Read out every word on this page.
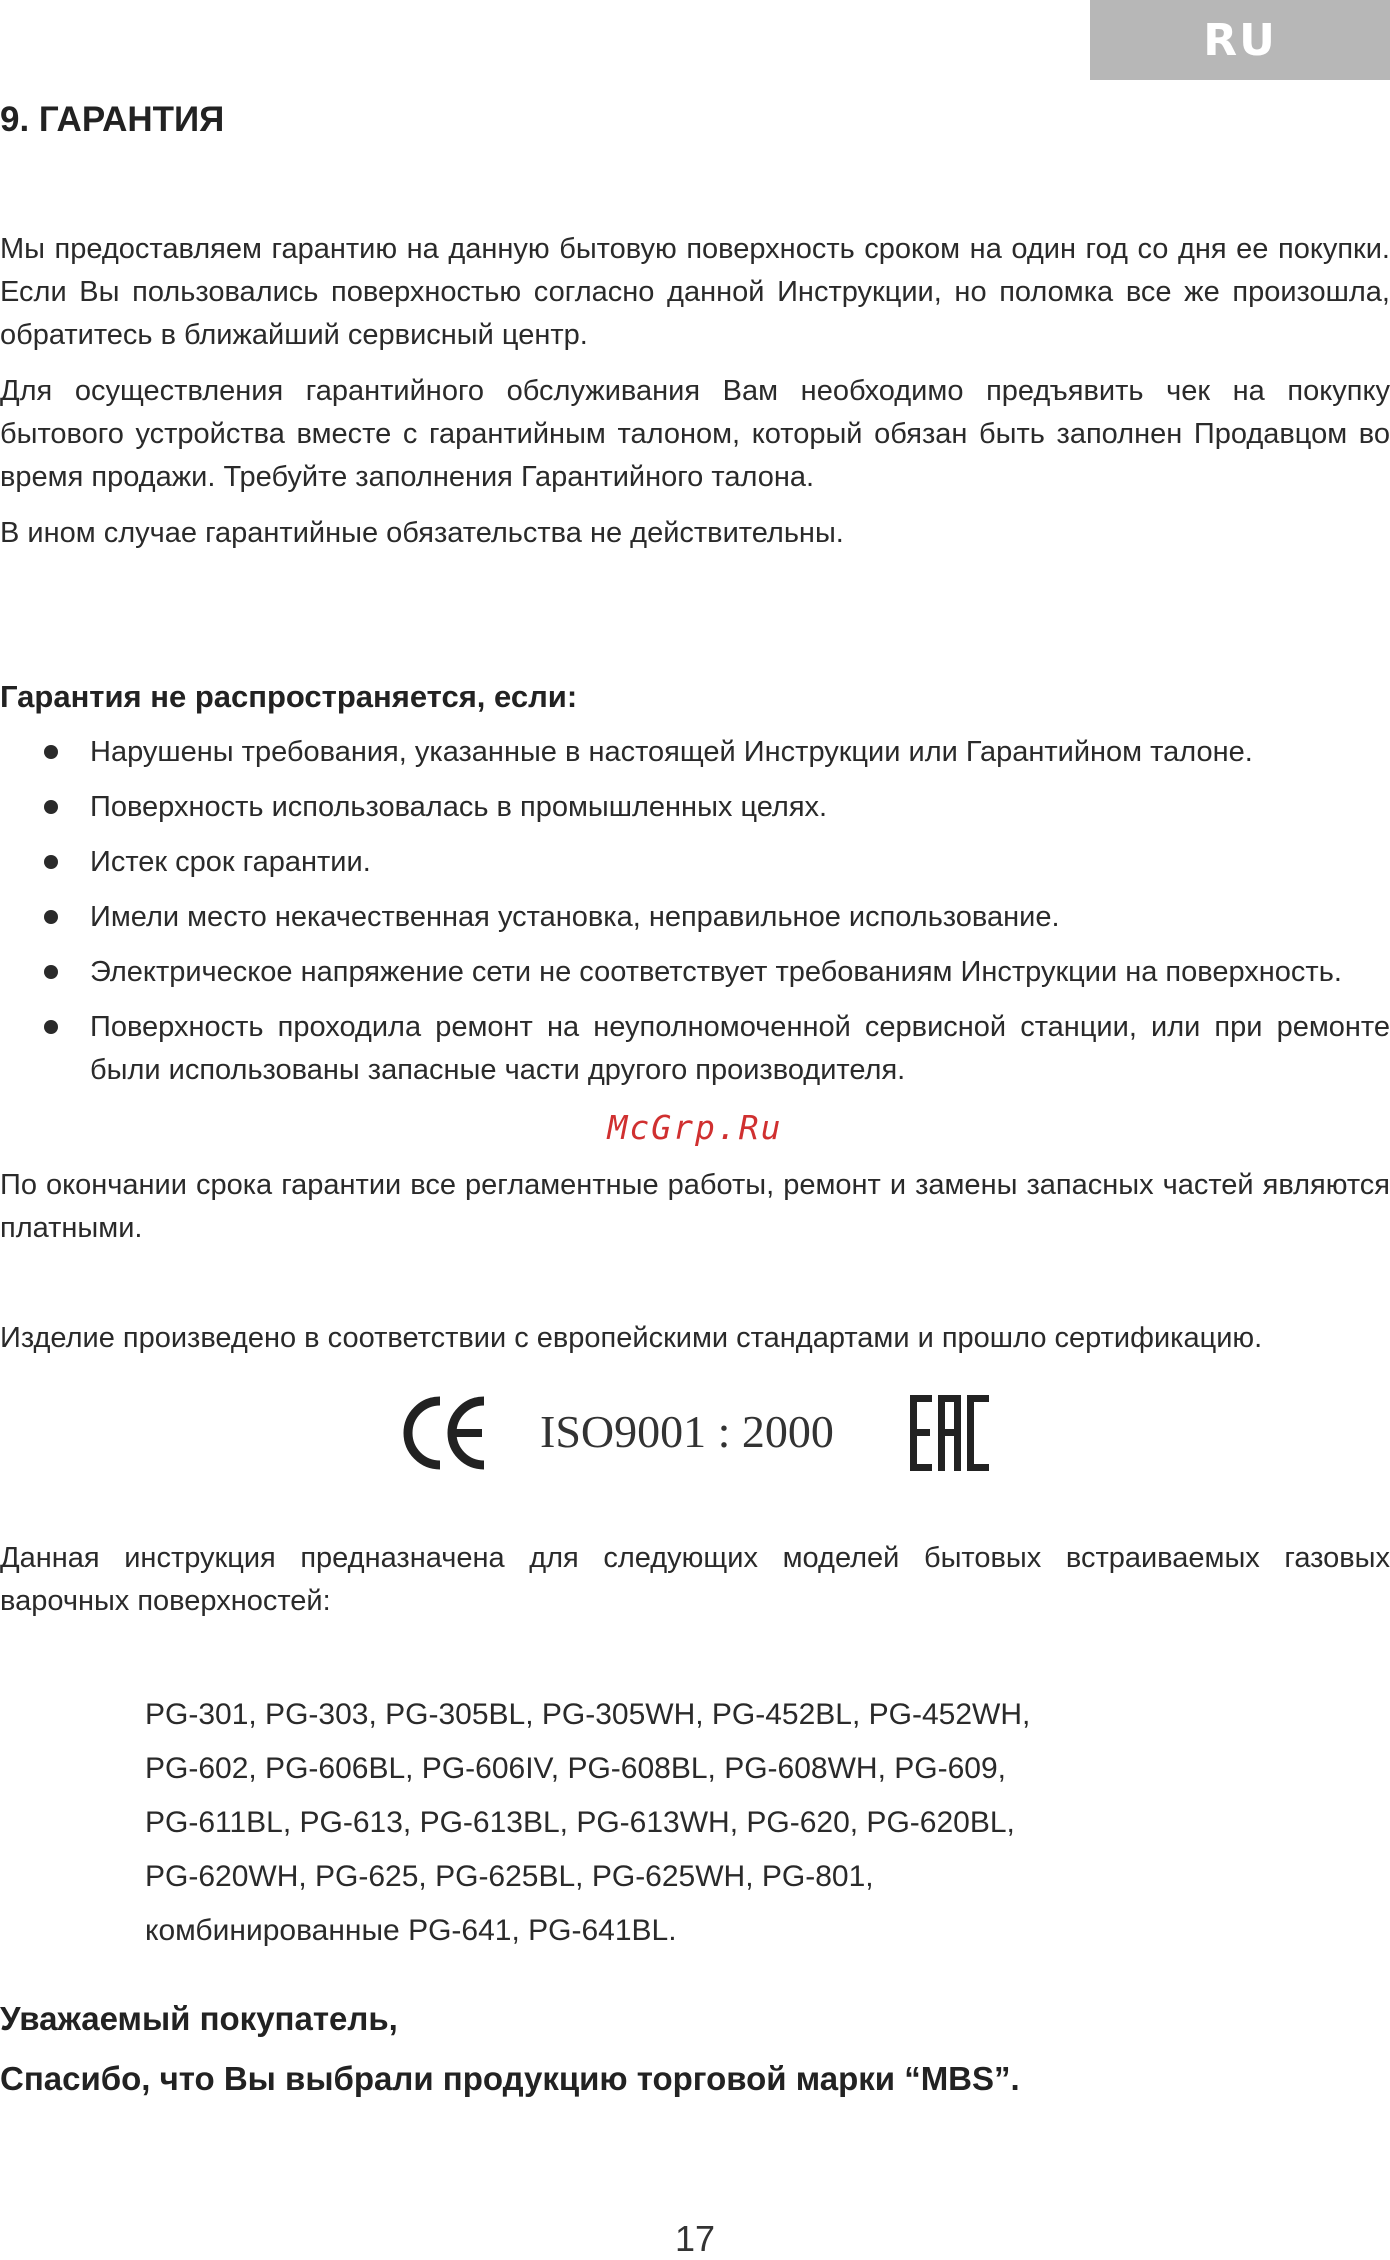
RU
9. ГАРАНТИЯ
Мы предоставляем гарантию на данную бытовую поверхность сроком на один год со дня ее покупки. Если Вы пользовались поверхностью согласно данной Инструкции, но поломка все же произошла, обратитесь в ближайший сервисный центр.
Для осуществления гарантийного обслуживания Вам необходимо предъявить чек на покупку бытового устройства вместе с гарантийным талоном, который обязан быть заполнен Продавцом во время продажи. Требуйте заполнения Гарантийного талона.
В ином случае гарантийные обязательства не действительны.
Гарантия не распространяется, если:
Нарушены требования, указанные в настоящей Инструкции или Гарантийном талоне.
Поверхность использовалась в промышленных целях.
Истек срок гарантии.
Имели место некачественная установка, неправильное использование.
Электрическое напряжение сети не соответствует требованиям Инструкции на поверхность.
Поверхность проходила ремонт на неуполномоченной сервисной станции, или при ремонте были использованы запасные части другого производителя.
McGrp.Ru
По окончании срока гарантии все регламентные работы, ремонт и замены запасных частей являются платными.
Изделие произведено в соответствии с европейскими стандартами и прошло сертификацию.
ISO9001 : 2000
Данная инструкция предназначена для следующих моделей бытовых встраиваемых газовых варочных поверхностей:
PG-301, PG-303, PG-305BL, PG-305WH, PG-452BL, PG-452WH,
PG-602, PG-606BL, PG-606IV, PG-608BL, PG-608WH, PG-609,
PG-611BL, PG-613, PG-613BL, PG-613WH, PG-620, PG-620BL,
PG-620WH, PG-625, PG-625BL, PG-625WH, PG-801,
комбинированные PG-641, PG-641BL.
Уважаемый покупатель,
Спасибо, что Вы выбрали продукцию торговой марки “MBS”.
17
